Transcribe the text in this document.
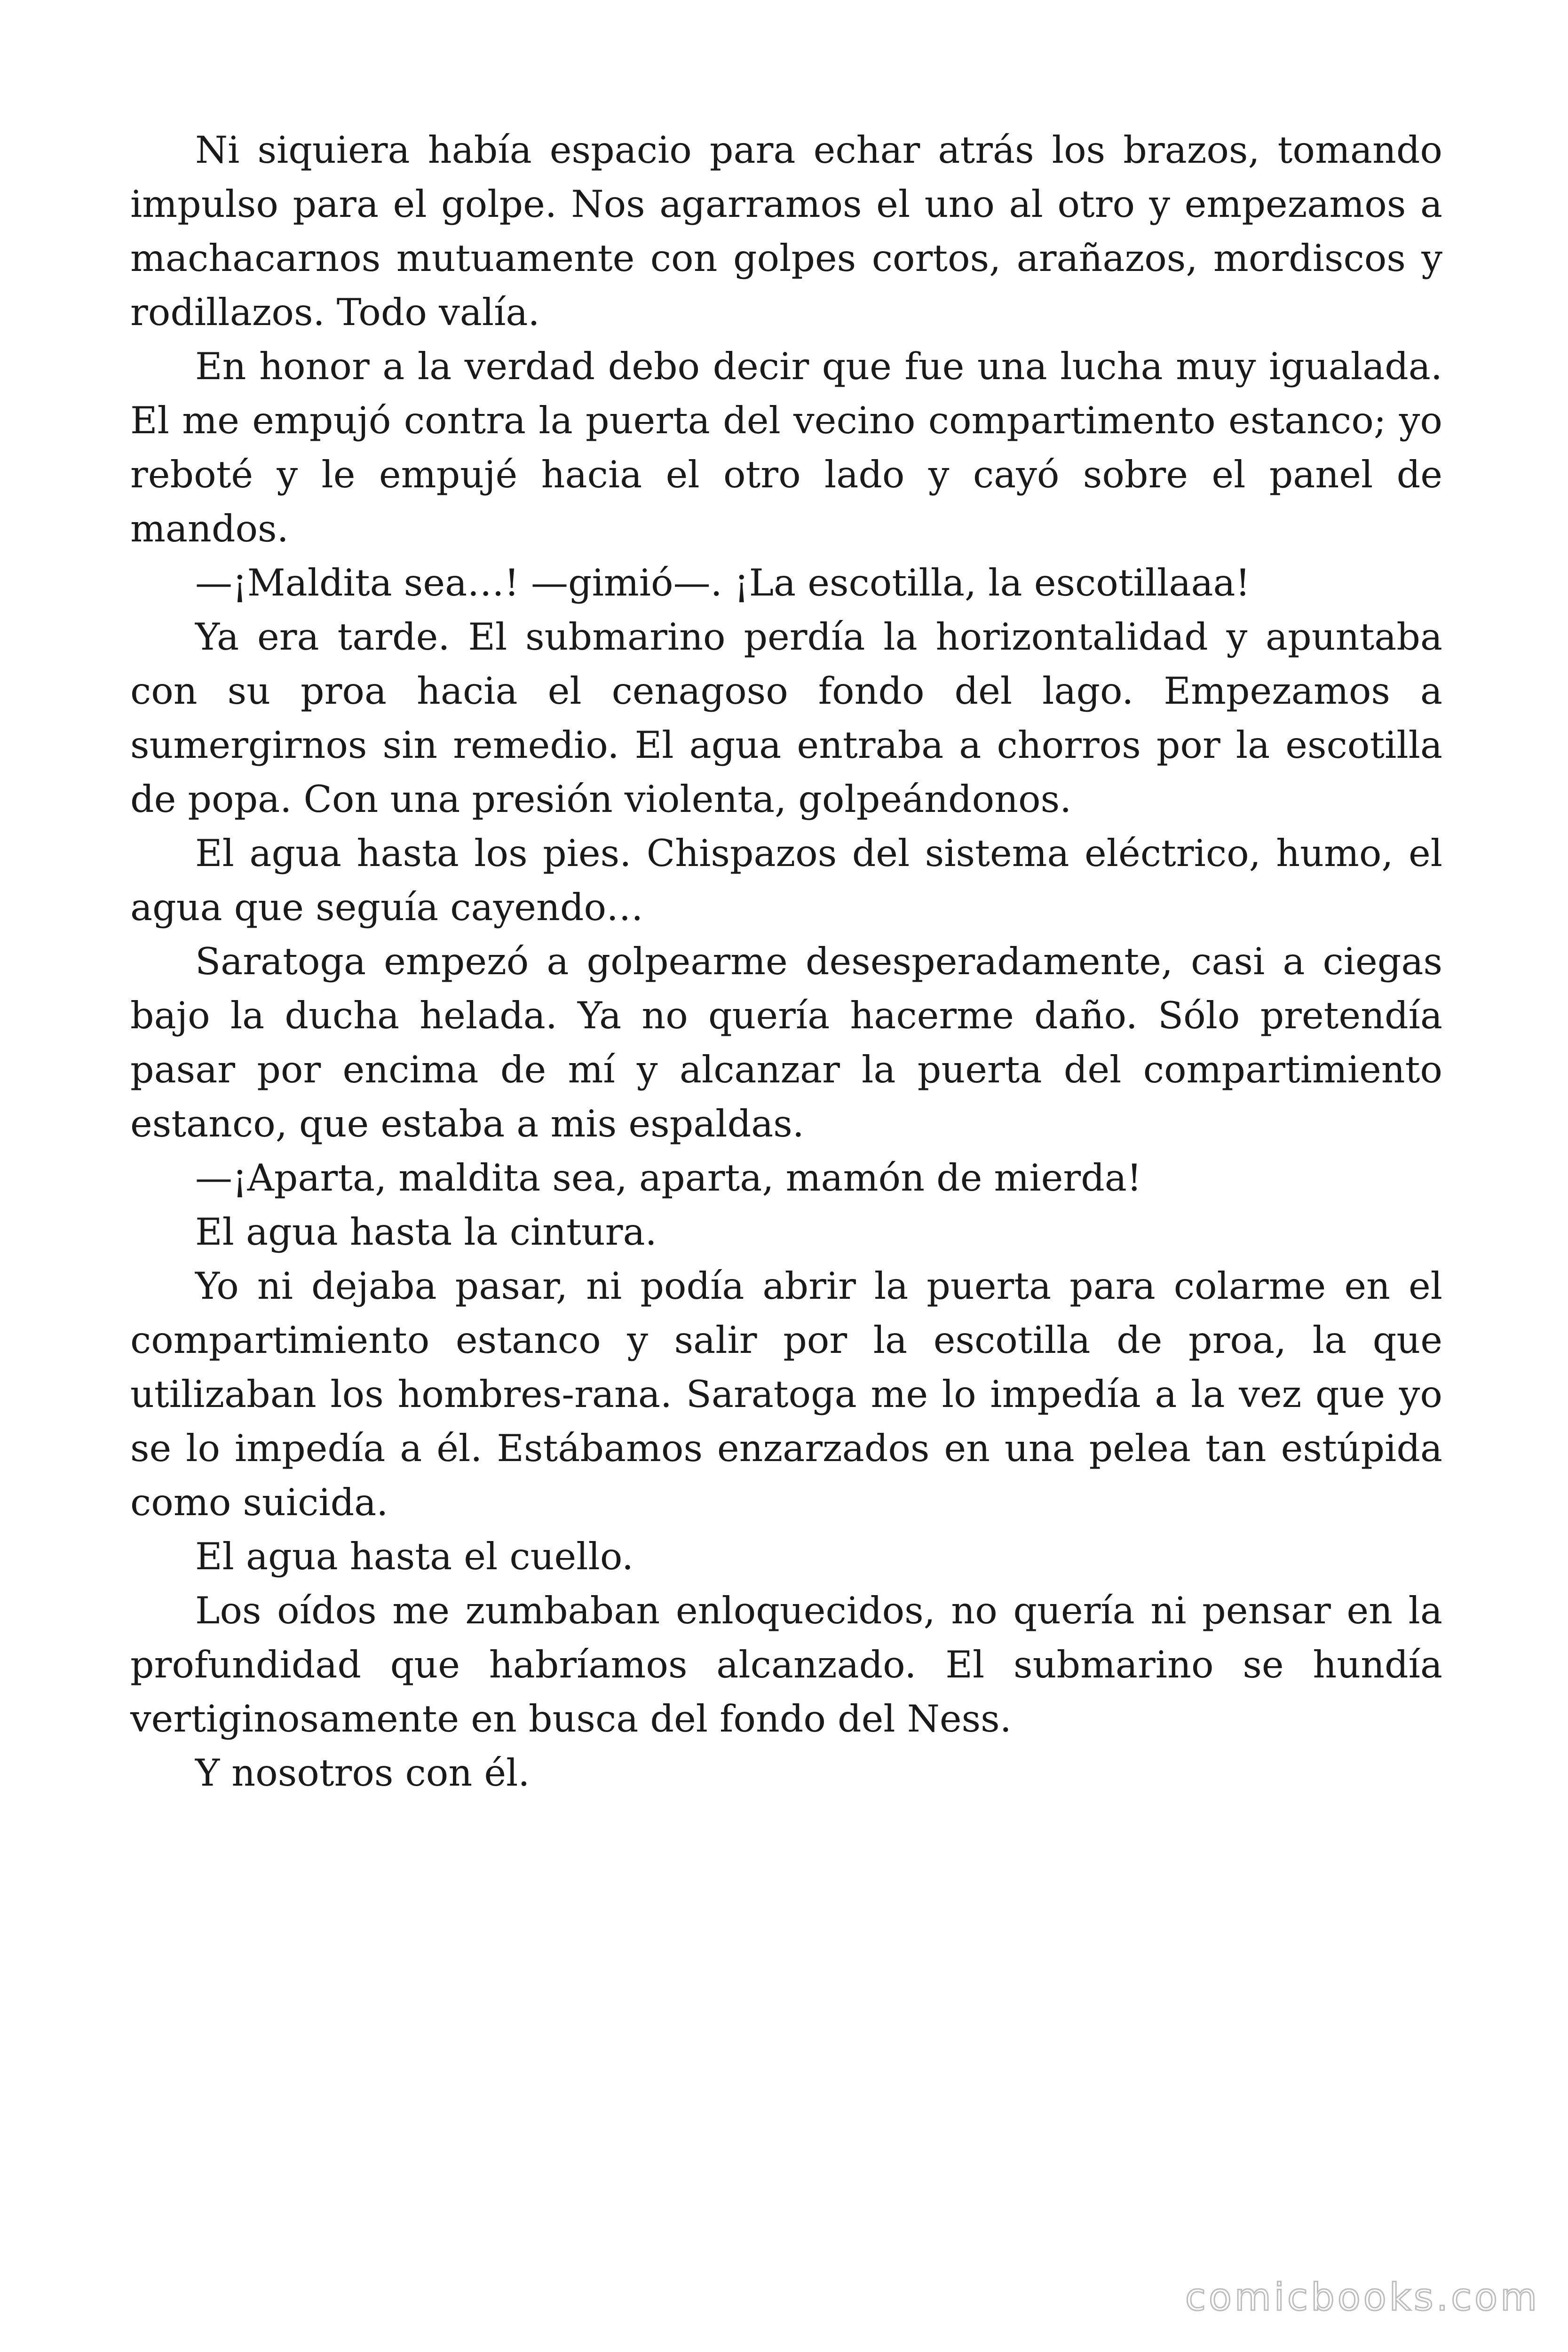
Ni siquiera había espacio para echar atrás los brazos, tomando impulso para el golpe. Nos agarramos el uno al otro y empezamos a machacarnos mutuamente con golpes cortos, arañazos, mordiscos y rodillazos. Todo valía.

En honor a la verdad debo decir que fue una lucha muy igualada. El me empujó contra la puerta del vecino compartimento estanco; yo reboté y le empujé hacia el otro lado y cayó sobre el panel de mandos.

—¡Maldita sea…! —gimió—. ¡La escotilla, la escotillaaa!

Ya era tarde. El submarino perdía la horizontalidad y apuntaba con su proa hacia el cenagoso fondo del lago. Empezamos a sumergirnos sin remedio. El agua entraba a chorros por la escotilla de popa. Con una presión violenta, golpeándonos.

El agua hasta los pies. Chispazos del sistema eléctrico, humo, el agua que seguía cayendo…

Saratoga empezó a golpearme desesperadamente, casi a ciegas bajo la ducha helada. Ya no quería hacerme daño. Sólo pretendía pasar por encima de mí y alcanzar la puerta del compartimiento estanco, que estaba a mis espaldas.

—¡Aparta, maldita sea, aparta, mamón de mierda!

El agua hasta la cintura.

Yo ni dejaba pasar, ni podía abrir la puerta para colarme en el compartimiento estanco y salir por la escotilla de proa, la que utilizaban los hombres-rana. Saratoga me lo impedía a la vez que yo se lo impedía a él. Estábamos enzarzados en una pelea tan estúpida como suicida.

El agua hasta el cuello.

Los oídos me zumbaban enloquecidos, no quería ni pensar en la profundidad que habríamos alcanzado. El submarino se hundía vertiginosamente en busca del fondo del Ness.

Y nosotros con él.

comicbooks.com
